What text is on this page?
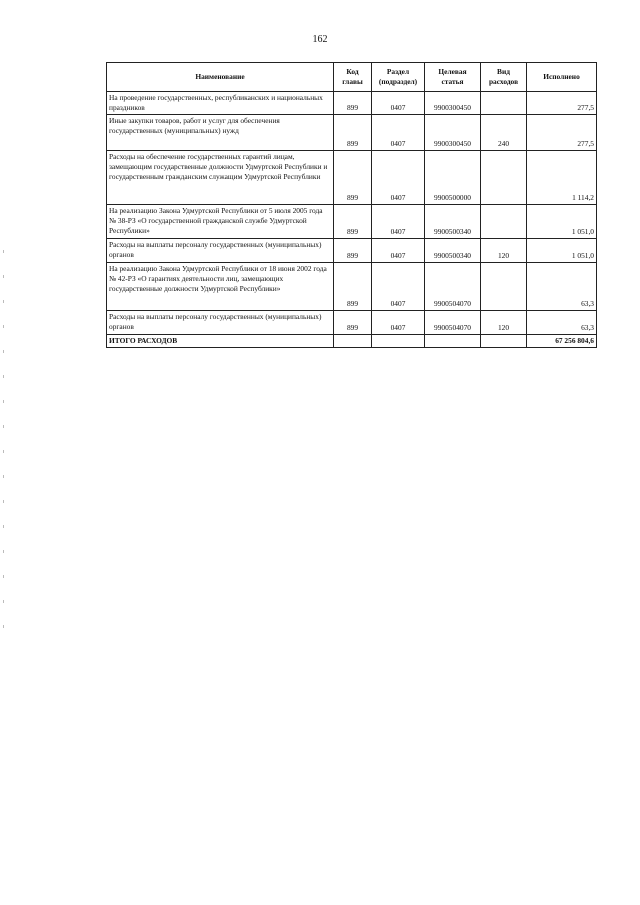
162
Наименование	Код главы	Раздел (подраздел)	Целевая статья	Вид расходов	Исполнено
На проведение государственных, республиканских и национальных праздников	899	0407	9900300450		277,5
Иные закупки товаров, работ и услуг для обеспечения государственных (муниципальных) нужд	899	0407	9900300450	240	277,5
Расходы на обеспечение государственных гарантий лицам, замещающим государственные должности Удмуртской Республики и государственным гражданским служащим Удмуртской Республики	899	0407	9900500000		1 114,2
На реализацию Закона Удмуртской Республики от 5 июля 2005 года № 38-РЗ «О государственной гражданской службе Удмуртской Республики»	899	0407	9900500340		1 051,0
Расходы на выплаты персоналу государственных (муниципальных) органов	899	0407	9900500340	120	1 051,0
На реализацию Закона Удмуртской Республики от 18 июня 2002 года № 42-РЗ «О гарантиях деятельности лиц, замещающих государственные должности Удмуртской Республики»	899	0407	9900504070		63,3
Расходы на выплаты персоналу государственных (муниципальных) органов	899	0407	9900504070	120	63,3
ИТОГО РАСХОДОВ					67 256 804,6
